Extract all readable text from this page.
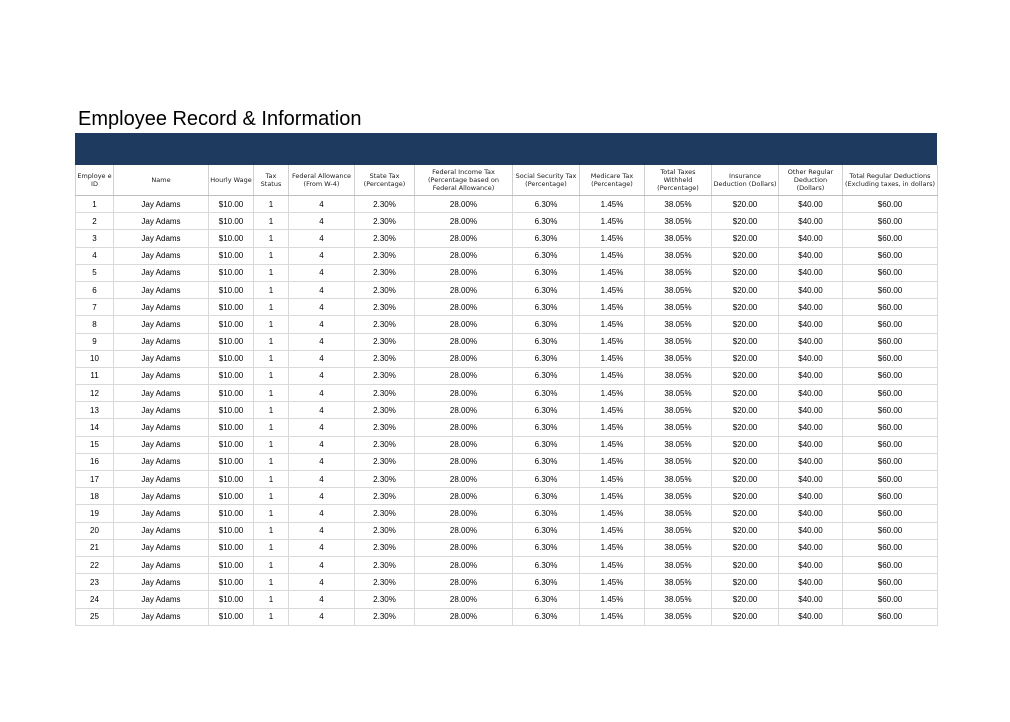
Employee Record & Information
Employe e ID	Name	Hourly Wage	Tax Status	Federal Allowance (From W-4)	State Tax (Percentage)	Federal Income Tax (Percentage based on Federal Allowance)	Social Security Tax (Percentage)	Medicare Tax (Percentage)	Total Taxes Withheld (Percentage)	Insurance Deduction (Dollars)	Other Regular Deduction (Dollars)	Total Regular Deductions (Excluding taxes, in dollars)
1	Jay Adams	$10.00	1	4	2.30%	28.00%	6.30%	1.45%	38.05%	$20.00	$40.00	$60.00
2	Jay Adams	$10.00	1	4	2.30%	28.00%	6.30%	1.45%	38.05%	$20.00	$40.00	$60.00
3	Jay Adams	$10.00	1	4	2.30%	28.00%	6.30%	1.45%	38.05%	$20.00	$40.00	$60.00
4	Jay Adams	$10.00	1	4	2.30%	28.00%	6.30%	1.45%	38.05%	$20.00	$40.00	$60.00
5	Jay Adams	$10.00	1	4	2.30%	28.00%	6.30%	1.45%	38.05%	$20.00	$40.00	$60.00
6	Jay Adams	$10.00	1	4	2.30%	28.00%	6.30%	1.45%	38.05%	$20.00	$40.00	$60.00
7	Jay Adams	$10.00	1	4	2.30%	28.00%	6.30%	1.45%	38.05%	$20.00	$40.00	$60.00
8	Jay Adams	$10.00	1	4	2.30%	28.00%	6.30%	1.45%	38.05%	$20.00	$40.00	$60.00
9	Jay Adams	$10.00	1	4	2.30%	28.00%	6.30%	1.45%	38.05%	$20.00	$40.00	$60.00
10	Jay Adams	$10.00	1	4	2.30%	28.00%	6.30%	1.45%	38.05%	$20.00	$40.00	$60.00
11	Jay Adams	$10.00	1	4	2.30%	28.00%	6.30%	1.45%	38.05%	$20.00	$40.00	$60.00
12	Jay Adams	$10.00	1	4	2.30%	28.00%	6.30%	1.45%	38.05%	$20.00	$40.00	$60.00
13	Jay Adams	$10.00	1	4	2.30%	28.00%	6.30%	1.45%	38.05%	$20.00	$40.00	$60.00
14	Jay Adams	$10.00	1	4	2.30%	28.00%	6.30%	1.45%	38.05%	$20.00	$40.00	$60.00
15	Jay Adams	$10.00	1	4	2.30%	28.00%	6.30%	1.45%	38.05%	$20.00	$40.00	$60.00
16	Jay Adams	$10.00	1	4	2.30%	28.00%	6.30%	1.45%	38.05%	$20.00	$40.00	$60.00
17	Jay Adams	$10.00	1	4	2.30%	28.00%	6.30%	1.45%	38.05%	$20.00	$40.00	$60.00
18	Jay Adams	$10.00	1	4	2.30%	28.00%	6.30%	1.45%	38.05%	$20.00	$40.00	$60.00
19	Jay Adams	$10.00	1	4	2.30%	28.00%	6.30%	1.45%	38.05%	$20.00	$40.00	$60.00
20	Jay Adams	$10.00	1	4	2.30%	28.00%	6.30%	1.45%	38.05%	$20.00	$40.00	$60.00
21	Jay Adams	$10.00	1	4	2.30%	28.00%	6.30%	1.45%	38.05%	$20.00	$40.00	$60.00
22	Jay Adams	$10.00	1	4	2.30%	28.00%	6.30%	1.45%	38.05%	$20.00	$40.00	$60.00
23	Jay Adams	$10.00	1	4	2.30%	28.00%	6.30%	1.45%	38.05%	$20.00	$40.00	$60.00
24	Jay Adams	$10.00	1	4	2.30%	28.00%	6.30%	1.45%	38.05%	$20.00	$40.00	$60.00
25	Jay Adams	$10.00	1	4	2.30%	28.00%	6.30%	1.45%	38.05%	$20.00	$40.00	$60.00
